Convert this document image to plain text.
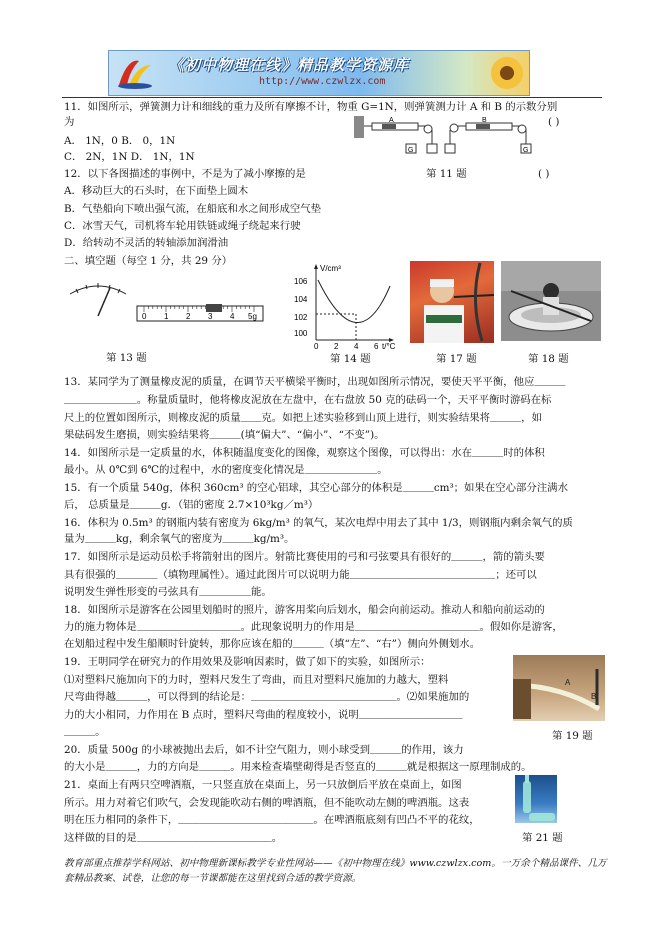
《初中物理在线》精品教学资源库
http://www.czwlzx.com
11．如图所示，弹簧测力计和细线的重力及所有摩擦不计，物重 G=1N，则弹簧测力计 A 和 B 的示数分别
为	( )
A． 1N，0 B． 0，1N
C． 2N，1N D． 1N，1N
G
A
G
B
第 11 题
12．以下各图描述的事例中，不是为了减小摩擦的是	( )
A．移动巨大的石头时，在下面垫上圆木
B．气垫船向下喷出强气流，在船底和水之间形成空气垫
C．冰雪天气，司机将车轮用铁链或绳子绕起来行驶
D．给转动不灵活的转轴添加润滑油
二、填空题（每空 1 分，共 29 分）
0 1 2 3 4 5g
第 13 题
V/cm³
106
104
102
100
0 2 4 6 t/°C
第 14 题	第 17 题	第 18 题
13．某同学为了测量橡皮泥的质量，在调节天平横梁平衡时，出现如图所示情况，要使天平平衡，他应＿＿＿
＿＿＿＿＿＿＿。称量质量时，他将橡皮泥放在左盘中，在右盘放 50 克的砝码一个，天平平衡时游码在标
尺上的位置如图所示，则橡皮泥的质量＿＿克。如把上述实验移到山顶上进行，则实验结果将＿＿＿，如
果砝码发生磨损，则实验结果将＿＿＿(填“偏大”、“偏小”、“不变”)。
14．如图所示是一定质量的水，体积随温度变化的图像，观察这个图像，可以得出：水在＿＿＿时的体积
最小。从 0℃到 6℃的过程中，水的密度变化情况是＿＿＿＿＿＿＿。
15．有一个质量 540g，体积 360cm³ 的空心铝球，其空心部分的体积是＿＿＿cm³；如果在空心部分注满水
后， 总质量是＿＿＿g．（铝的密度 2.7×10³kg／m³）
16．体积为 0.5m³ 的钢瓶内装有密度为 6kg/m³ 的氧气，某次电焊中用去了其中 1/3，则钢瓶内剩余氧气的质
量为＿＿＿kg，剩余氧气的密度为＿＿＿kg/m³。
17．如图所示是运动员松手将箭射出的图片。射箭比赛使用的弓和弓弦要具有很好的＿＿＿，箭的箭头要
具有很强的＿＿＿＿（填物理属性）。通过此图片可以说明力能＿＿＿＿＿＿＿＿＿＿＿＿＿＿；还可以
说明发生弹性形变的弓弦具有＿＿＿＿＿能。
18．如图所示是游客在公园里划船时的照片，游客用桨向后划水，船会向前运动。推动人和船向前运动的
力的施力物体是＿＿＿＿＿＿＿＿＿＿。此现象说明力的作用是＿＿＿＿＿＿＿＿＿＿＿＿。假如你是游客，
在划船过程中发生船顺时针旋转，那你应该在船的＿＿＿（填“左”、“右”）侧向外侧划水。
19．王明同学在研究力的作用效果及影响因素时，做了如下的实验，如图所示：
⑴对塑料尺施加向下的力时，塑料尺发生了弯曲，而且对塑料尺施加的力越大，塑料
尺弯曲得越＿＿＿，可以得到的结论是：＿＿＿＿＿＿＿＿＿＿＿＿＿＿。⑵如果施加的
力的大小相同，力作用在 B 点时，塑料尺弯曲的程度较小，说明＿＿＿＿＿＿＿＿＿＿
＿＿＿。
A
B
第 19 题
20．质量 500g 的小球被抛出去后，如不计空气阻力，则小球受到＿＿＿的作用，该力
的大小是＿＿＿，力的方向是＿＿＿。用来检查墙壁砌得是否竖直的＿＿＿就是根据这一原理制成的。
21．桌面上有两只空啤酒瓶，一只竖直放在桌面上，另一只放倒后平放在桌面上，如图
所示。用力对着它们吹气，会发现能吹动右侧的啤酒瓶，但不能吹动左侧的啤酒瓶。这表
明在压力相同的条件下，＿＿＿＿＿＿＿＿＿＿＿＿＿。在啤酒瓶底刻有凹凸不平的花纹，
这样做的目的是＿＿＿＿＿＿＿＿＿＿＿＿＿。	第 21 题
教育部重点推荐学科网站、初中物理新课标教学专业性网站——《初中物理在线》www.czwlzx.com。一万余个精品课件、几万
套精品教案、试卷，让您的每一节课都能在这里找到合适的教学资源。
